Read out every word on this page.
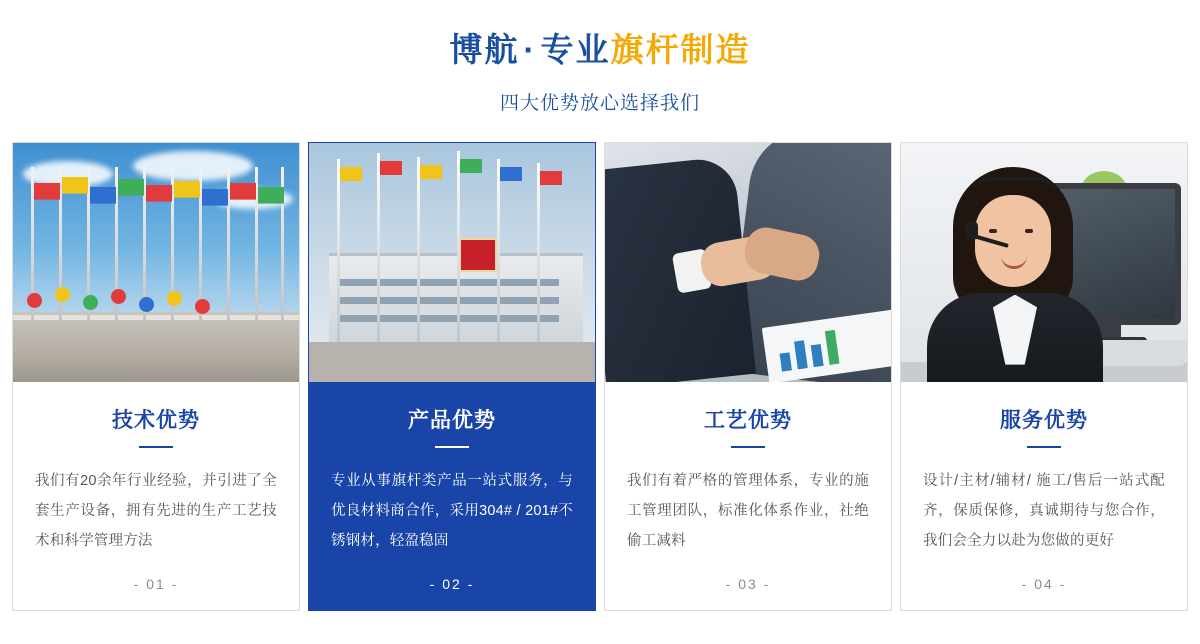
博航 · 专业旗杆制造
四大优势放心选择我们
技术优势

我们有20余年行业经验，并引进了全套生产设备，拥有先进的生产工艺技术和科学管理方法

- 01 -
产品优势

专业从事旗杆类产品一站式服务，与优良材料商合作，采用304# / 201#不锈钢材，轻盈稳固

- 02 -
工艺优势

我们有着严格的管理体系，专业的施工管理团队，标准化体系作业，社绝偷工减料

- 03 -
服务优势

设计/主材/辅材/ 施工/售后一站式配齐，保质保修，真诚期待与您合作，我们会全力以赴为您做的更好

- 04 -
